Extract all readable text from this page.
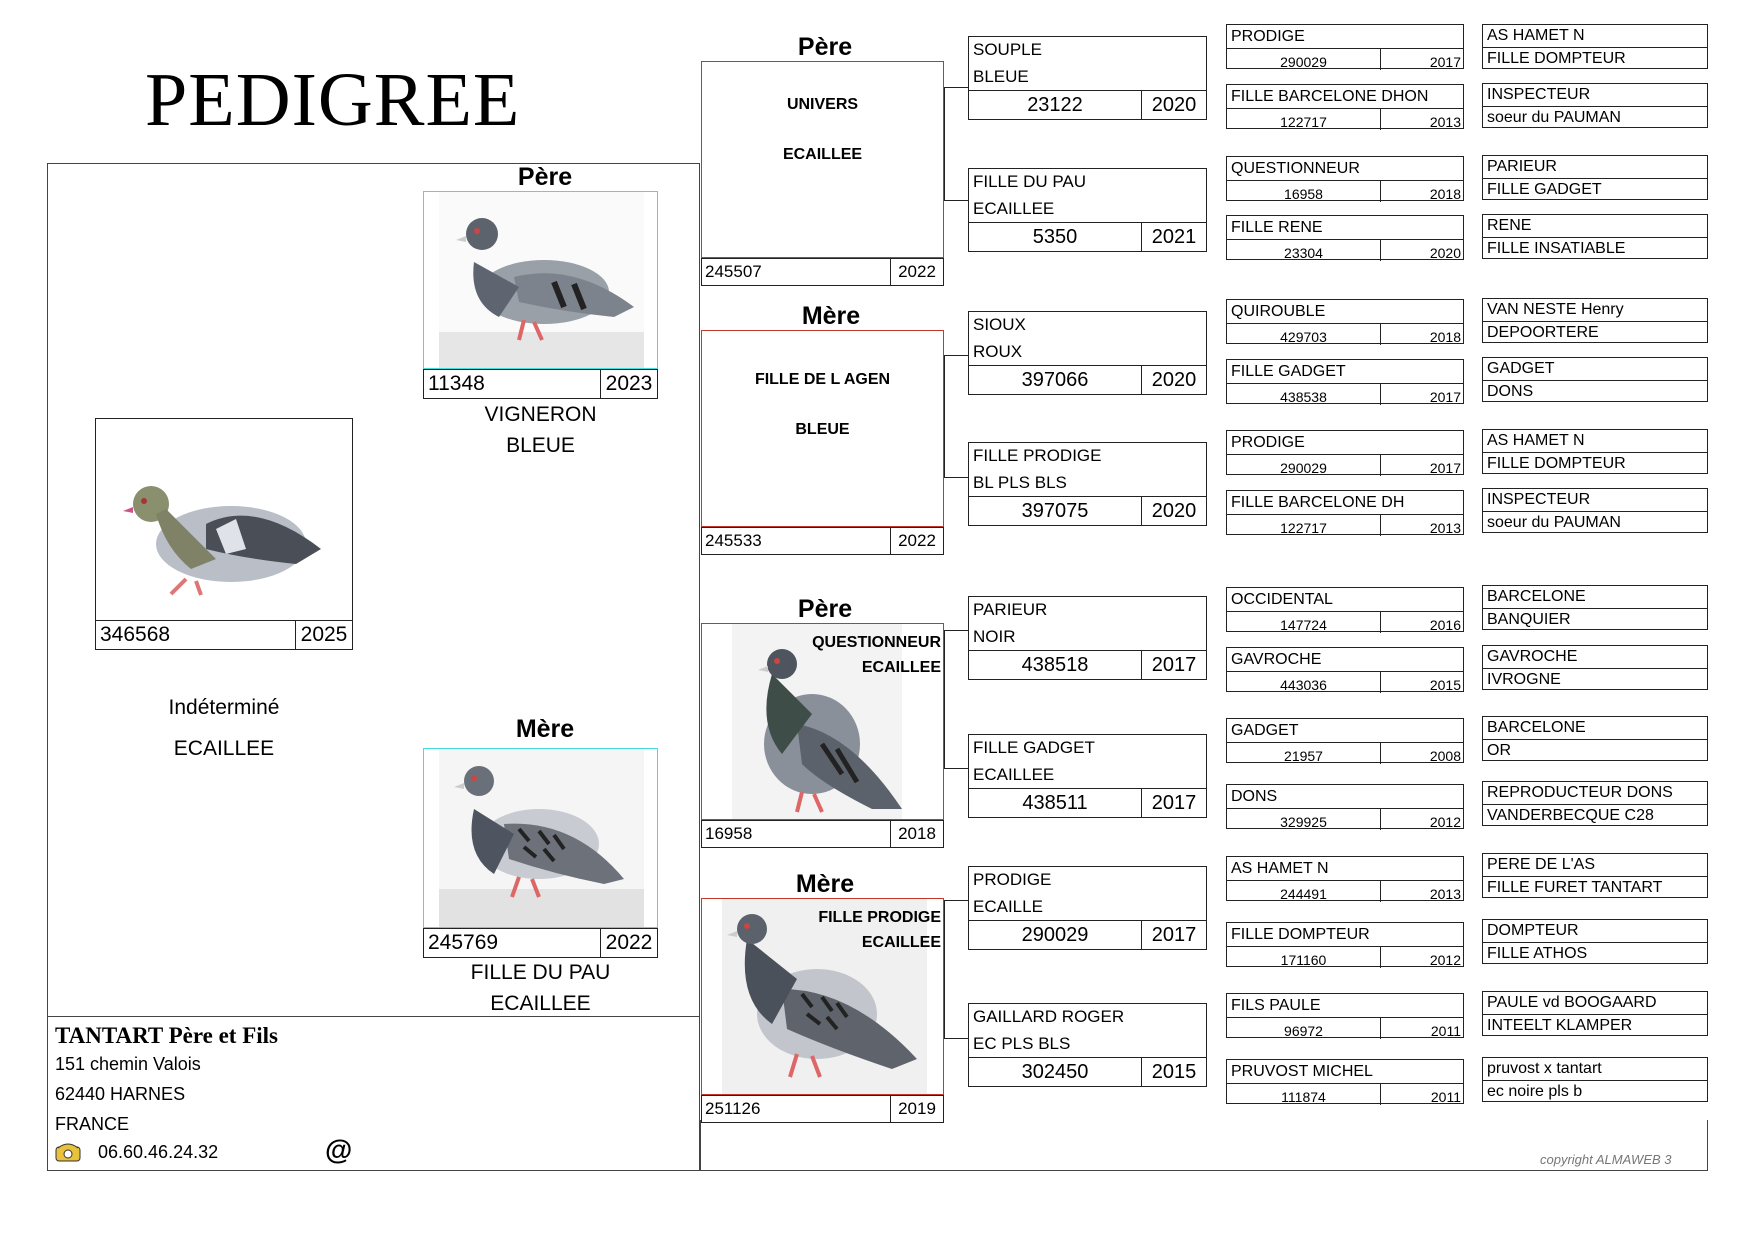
PEDIGREE
346568	2025
Indéterminé
ECAILLEE
Père
11348	2023
VIGNERON
BLEUE
Mère
245769	2022
FILLE DU PAU
ECAILLEE
Père
UNIVERS
ECAILLEE
245507	2022
Mère
FILLE DE L AGEN
BLEUE
245533	2022
Père
QUESTIONNEUR
ECAILLEE
16958	2018
Mère
FILLE PRODIGE
ECAILLEE
251126	2019
SOUPLE
BLEUE
23122	2020
FILLE DU PAU
ECAILLEE
5350	2021
SIOUX
ROUX
397066	2020
FILLE PRODIGE
BL PLS BLS
397075	2020
PARIEUR
NOIR
438518	2017
FILLE GADGET
ECAILLEE
438511	2017
PRODIGE
ECAILLE
290029	2017
GAILLARD ROGER
EC PLS BLS
302450	2015
PRODIGE
290029	2017
FILLE BARCELONE DHON
122717	2013
QUESTIONNEUR
16958	2018
FILLE RENE
23304	2020
QUIROUBLE
429703	2018
FILLE GADGET
438538	2017
PRODIGE
290029	2017
FILLE BARCELONE DH
122717	2013
OCCIDENTAL
147724	2016
GAVROCHE
443036	2015
GADGET
21957	2008
DONS
329925	2012
AS HAMET N
244491	2013
FILLE DOMPTEUR
171160	2012
FILS PAULE
96972	2011
PRUVOST MICHEL
111874	2011
AS HAMET N
FILLE DOMPTEUR
INSPECTEUR
soeur du PAUMAN
PARIEUR
FILLE GADGET
RENE
FILLE INSATIABLE
VAN NESTE Henry
DEPOORTERE
GADGET
DONS
AS HAMET N
FILLE DOMPTEUR
INSPECTEUR
soeur du PAUMAN
BARCELONE
BANQUIER
GAVROCHE
IVROGNE
BARCELONE
OR
REPRODUCTEUR DONS
VANDERBECQUE C28
PERE DE L'AS
FILLE FURET TANTART
DOMPTEUR
FILLE ATHOS
PAULE vd BOOGAARD
INTEELT KLAMPER
pruvost x tantart
ec noire pls b
TANTART Père et Fils
151 chemin Valois
62440 HARNES
FRANCE
06.60.46.24.32	@	copyright ALMAWEB 3
